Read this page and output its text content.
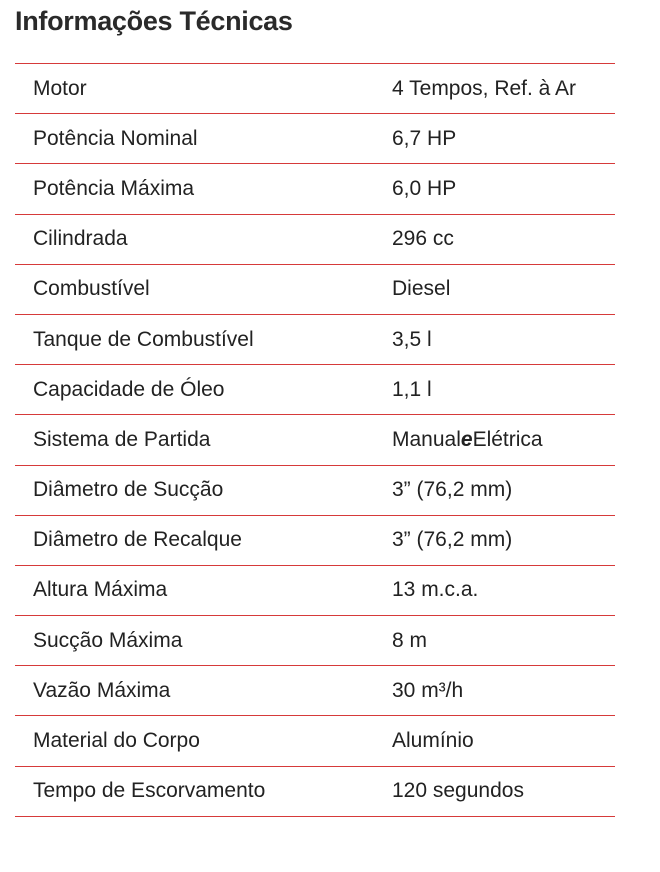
Informações Técnicas
Motor	4 Tempos, Ref. à Ar
Potência Nominal	6,7 HP
Potência Máxima	6,0 HP
Cilindrada	296 cc
Combustível	Diesel
Tanque de Combustível	3,5 l
Capacidade de Óleo	1,1 l
Sistema de Partida	Manual e Elétrica
Diâmetro de Sucção	3” (76,2 mm)
Diâmetro de Recalque	3” (76,2 mm)
Altura Máxima	13 m.c.a.
Sucção Máxima	8 m
Vazão Máxima	30 m³/h
Material do Corpo	Alumínio
Tempo de Escorvamento	120 segundos
